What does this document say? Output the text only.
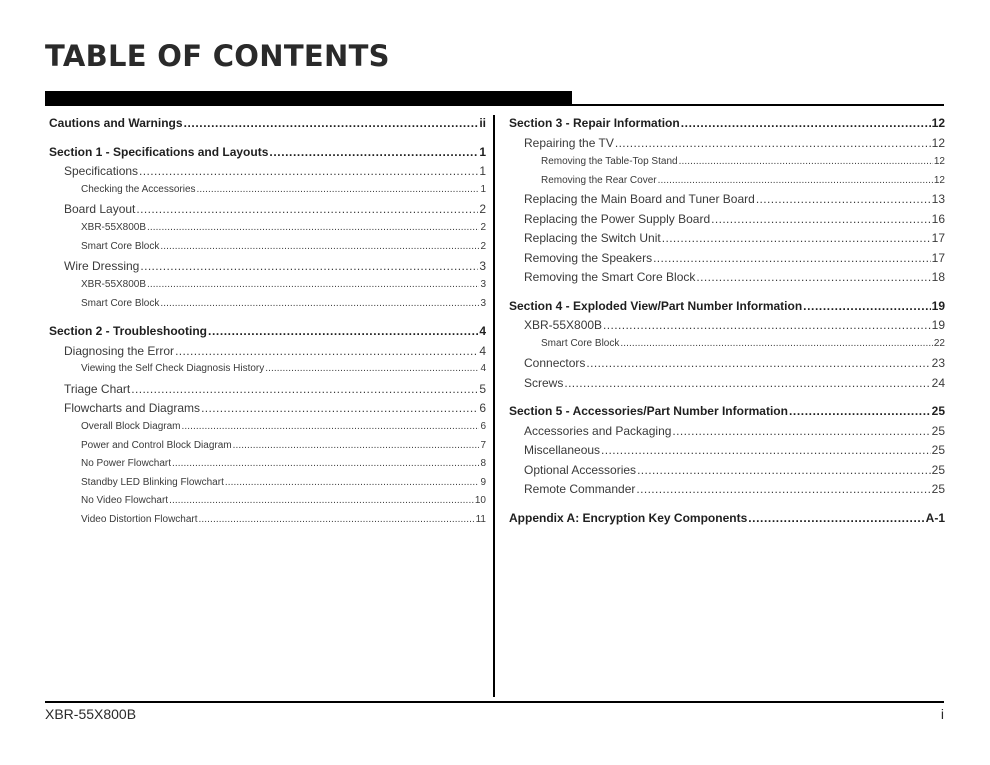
TABLE OF CONTENTS
Cautions and Warnings .....	ii
Section 1 - Specifications and Layouts .....	1
Specifications .....	1
Checking the Accessories .....	1
Board Layout .....	2
XBR-55X800B .....	2
Smart Core Block .....	2
Wire Dressing .....	3
XBR-55X800B .....	3
Smart Core Block .....	3
Section 2 - Troubleshooting .....	4
Diagnosing the Error .....	4
Viewing the Self Check Diagnosis History .....	4
Triage Chart .....	5
Flowcharts and Diagrams .....	6
Overall Block Diagram .....	6
Power and Control Block Diagram .....	7
No Power Flowchart .....	8
Standby LED Blinking Flowchart .....	9
No Video Flowchart .....	10
Video Distortion Flowchart .....	11
Section 3 - Repair Information .....	12
Repairing the TV .....	12
Removing the Table-Top Stand .....	12
Removing the Rear Cover .....	12
Replacing the Main Board and Tuner Board .....	13
Replacing the Power Supply Board .....	16
Replacing the Switch Unit .....	17
Removing the Speakers .....	17
Removing the Smart Core Block .....	18
Section 4 - Exploded View/Part Number Information .....	19
XBR-55X800B .....	19
Smart Core Block .....	22
Connectors .....	23
Screws .....	24
Section 5 - Accessories/Part Number Information .....	25
Accessories and Packaging .....	25
Miscellaneous .....	25
Optional Accessories .....	25
Remote Commander .....	25
Appendix A: Encryption Key Components .....	A-1
XBR-55X800B	i
